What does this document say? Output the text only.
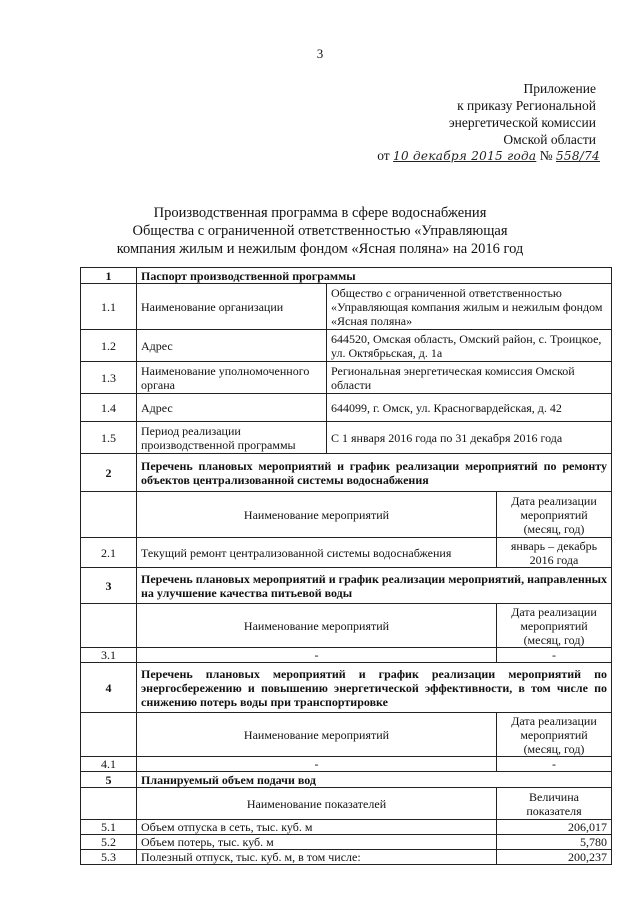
3
Приложение
к приказу Региональной
энергетической комиссии
Омской области
от 10 декабря 2015 года № 558/74
Производственная программа в сфере водоснабжения
Общества с ограниченной ответственностью «Управляющая
компания жилым и нежилым фондом «Ясная поляна» на 2016 год
1	Паспорт производственной программы		
1.1	Наименование организации	Общество с ограниченной ответственностью «Управляющая компания жилым и нежилым фондом «Ясная поляна»	
1.2	Адрес	644520, Омская область, Омский район, с. Троицкое, ул. Октябрьская, д. 1а	
1.3	Наименование уполномоченного органа	Региональная энергетическая комиссия Омской области	
1.4	Адрес	644099, г. Омск, ул. Красногвардейская, д. 42	
1.5	Период реализации производственной программы	С 1 января 2016 года по 31 декабря 2016 года	
2	Перечень плановых мероприятий и график реализации мероприятий по ремонту объектов централизованной системы водоснабжения		
	Наименование мероприятий		Дата реализации мероприятий (месяц, год)
2.1	Текущий ремонт централизованной системы водоснабжения		январь – декабрь 2016 года
3	Перечень плановых мероприятий и график реализации мероприятий, направленных на улучшение качества питьевой воды		
	Наименование мероприятий		Дата реализации мероприятий (месяц, год)
3.1	-		-
4	Перечень плановых мероприятий и график реализации мероприятий по энергосбережению и повышению энергетической эффективности, в том числе по снижению потерь воды при транспортировке		
	Наименование мероприятий		Дата реализации мероприятий (месяц, год)
4.1	-		-
5	Планируемый объем подачи вод		
	Наименование показателей		Величина показателя
5.1	Объем отпуска в сеть, тыс. куб. м		206,017
5.2	Объем потерь, тыс. куб. м		5,780
5.3	Полезный отпуск, тыс. куб. м, в том числе:		200,237
